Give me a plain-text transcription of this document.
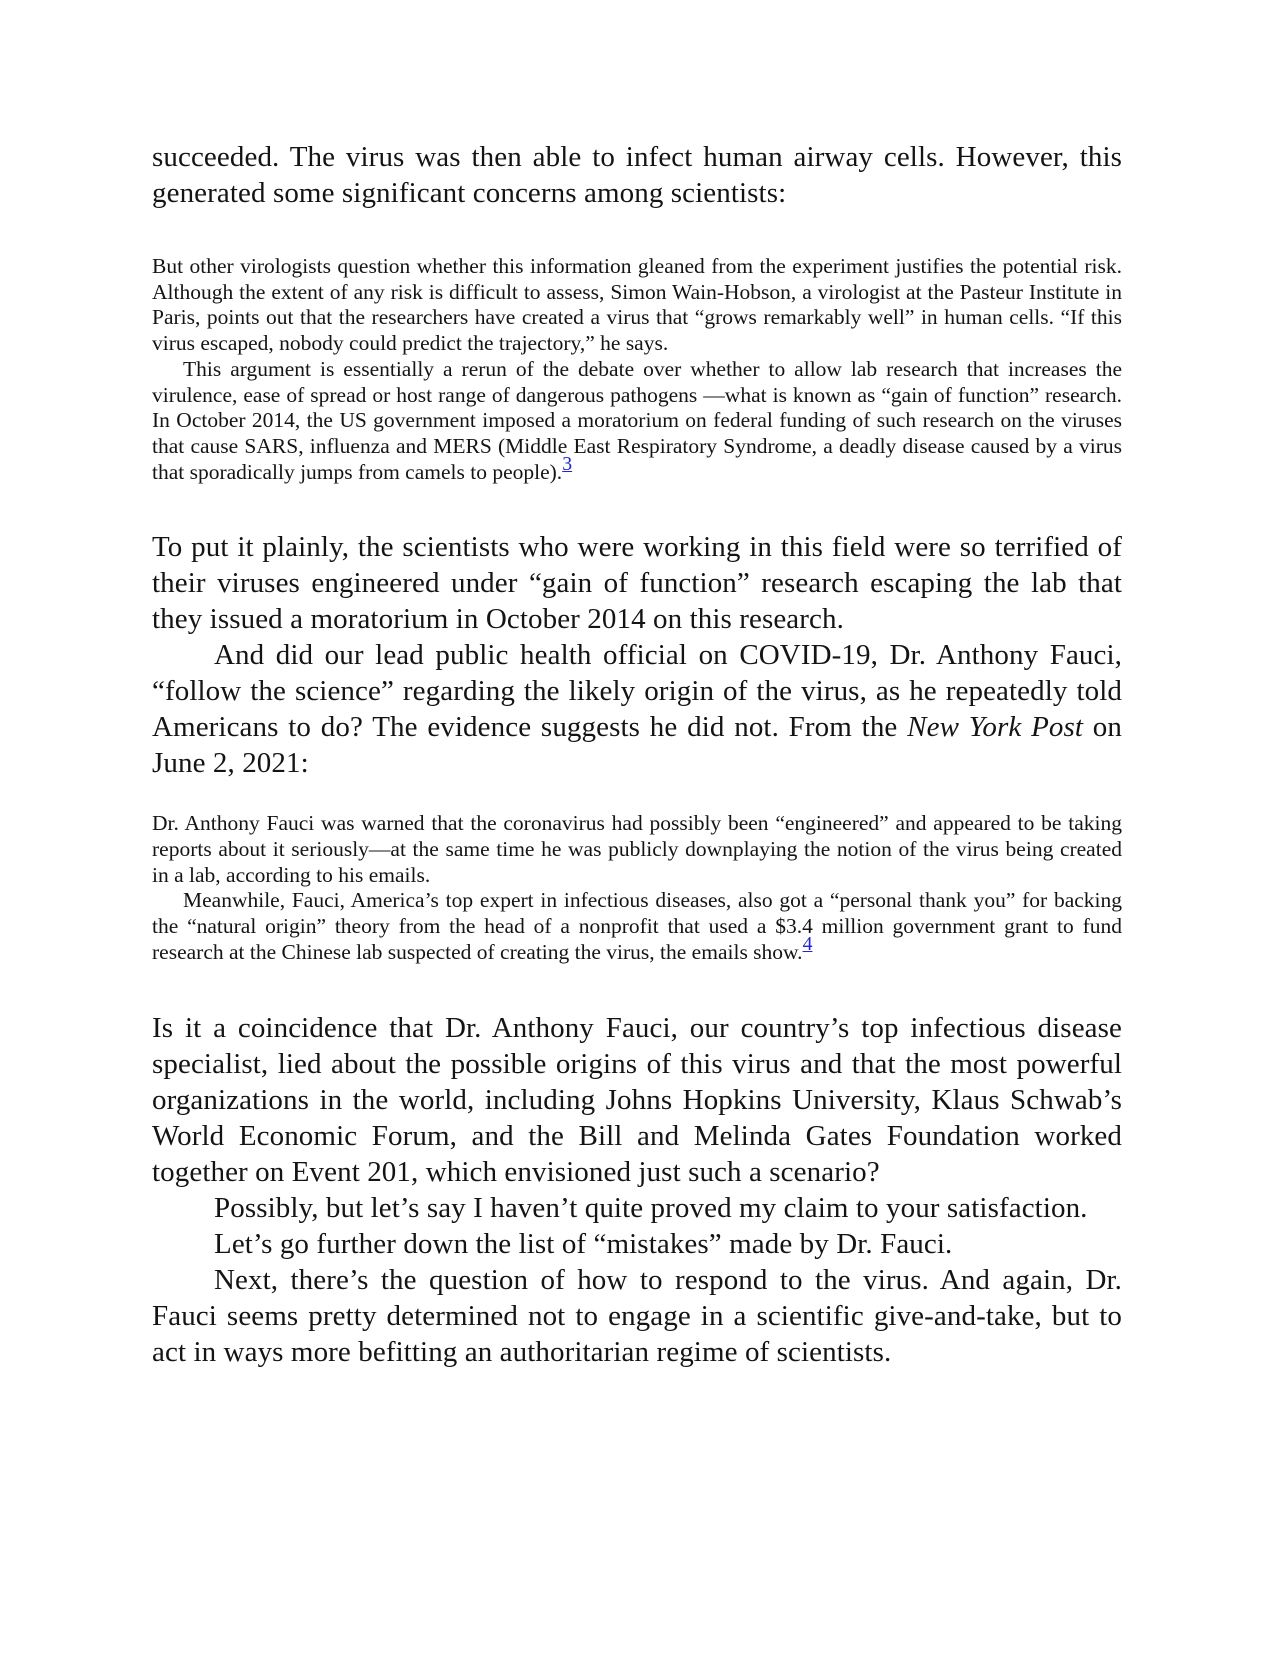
succeeded. The virus was then able to infect human airway cells. However, this generated some significant concerns among scientists:

But other virologists question whether this information gleaned from the experiment justifies the potential risk. Although the extent of any risk is difficult to assess, Simon Wain-Hobson, a virologist at the Pasteur Institute in Paris, points out that the researchers have created a virus that “grows remarkably well” in human cells. “If this virus escaped, nobody could predict the trajectory,” he says.

This argument is essentially a rerun of the debate over whether to allow lab research that increases the virulence, ease of spread or host range of dangerous pathogens —what is known as “gain of function” research. In October 2014, the US government imposed a moratorium on federal funding of such research on the viruses that cause SARS, influenza and MERS (Middle East Respiratory Syndrome, a deadly disease caused by a virus that sporadically jumps from camels to people).3

To put it plainly, the scientists who were working in this field were so terrified of their viruses engineered under “gain of function” research escaping the lab that they issued a moratorium in October 2014 on this research.

And did our lead public health official on COVID-19, Dr. Anthony Fauci, “follow the science” regarding the likely origin of the virus, as he repeatedly told Americans to do? The evidence suggests he did not. From the New York Post on June 2, 2021:

Dr. Anthony Fauci was warned that the coronavirus had possibly been “engineered” and appeared to be taking reports about it seriously—at the same time he was publicly downplaying the notion of the virus being created in a lab, according to his emails.

Meanwhile, Fauci, America’s top expert in infectious diseases, also got a “personal thank you” for backing the “natural origin” theory from the head of a nonprofit that used a $3.4 million government grant to fund research at the Chinese lab suspected of creating the virus, the emails show.4

Is it a coincidence that Dr. Anthony Fauci, our country’s top infectious disease specialist, lied about the possible origins of this virus and that the most powerful organizations in the world, including Johns Hopkins University, Klaus Schwab’s World Economic Forum, and the Bill and Melinda Gates Foundation worked together on Event 201, which envisioned just such a scenario?

Possibly, but let’s say I haven’t quite proved my claim to your satisfaction.

Let’s go further down the list of “mistakes” made by Dr. Fauci.

Next, there’s the question of how to respond to the virus. And again, Dr. Fauci seems pretty determined not to engage in a scientific give-and-take, but to act in ways more befitting an authoritarian regime of scientists.
